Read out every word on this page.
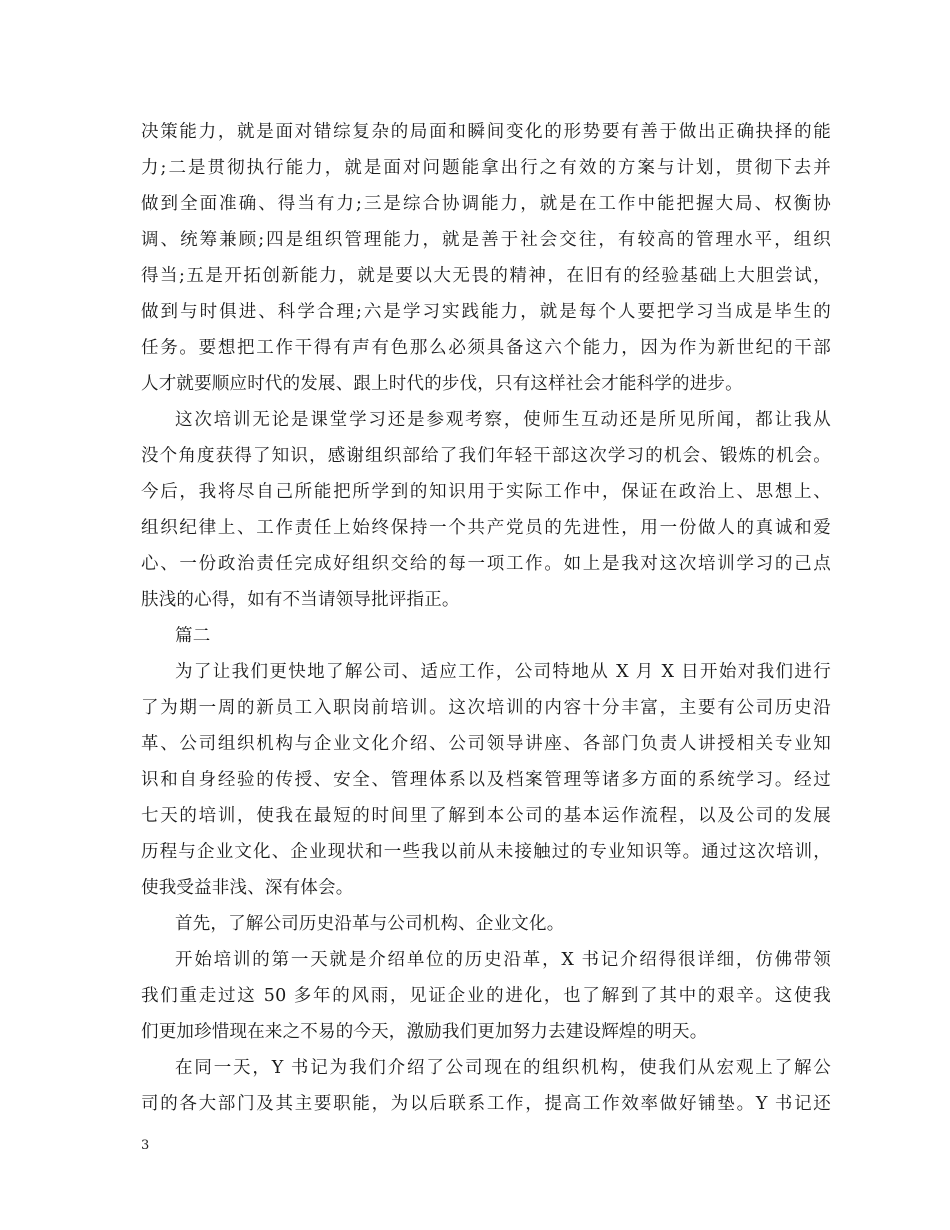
决策能力，就是面对错综复杂的局面和瞬间变化的形势要有善于做出正确抉择的能
力;二是贯彻执行能力，就是面对问题能拿出行之有效的方案与计划，贯彻下去并
做到全面准确、得当有力;三是综合协调能力，就是在工作中能把握大局、权衡协
调、统筹兼顾;四是组织管理能力，就是善于社会交往，有较高的管理水平，组织
得当;五是开拓创新能力，就是要以大无畏的精神，在旧有的经验基础上大胆尝试，
做到与时俱进、科学合理;六是学习实践能力，就是每个人要把学习当成是毕生的
任务。要想把工作干得有声有色那么必须具备这六个能力，因为作为新世纪的干部
人才就要顺应时代的发展、跟上时代的步伐，只有这样社会才能科学的进步。
这次培训无论是课堂学习还是参观考察，使师生互动还是所见所闻，都让我从
没个角度获得了知识，感谢组织部给了我们年轻干部这次学习的机会、锻炼的机会。
今后，我将尽自己所能把所学到的知识用于实际工作中，保证在政治上、思想上、
组织纪律上、工作责任上始终保持一个共产党员的先进性，用一份做人的真诚和爱
心、一份政治责任完成好组织交给的每一项工作。如上是我对这次培训学习的己点
肤浅的心得，如有不当请领导批评指正。
篇二
为了让我们更快地了解公司、适应工作，公司特地从 X 月 X 日开始对我们进行
了为期一周的新员工入职岗前培训。这次培训的内容十分丰富，主要有公司历史沿
革、公司组织机构与企业文化介绍、公司领导讲座、各部门负责人讲授相关专业知
识和自身经验的传授、安全、管理体系以及档案管理等诸多方面的系统学习。经过
七天的培训，使我在最短的时间里了解到本公司的基本运作流程，以及公司的发展
历程与企业文化、企业现状和一些我以前从未接触过的专业知识等。通过这次培训，
使我受益非浅、深有体会。
首先，了解公司历史沿革与公司机构、企业文化。
开始培训的第一天就是介绍单位的历史沿革，X 书记介绍得很详细，仿佛带领
我们重走过这 50 多年的风雨，见证企业的进化，也了解到了其中的艰辛。这使我
们更加珍惜现在来之不易的今天，激励我们更加努力去建设辉煌的明天。
在同一天，Y 书记为我们介绍了公司现在的组织机构，使我们从宏观上了解公
司的各大部门及其主要职能，为以后联系工作，提高工作效率做好铺垫。Y 书记还
3
